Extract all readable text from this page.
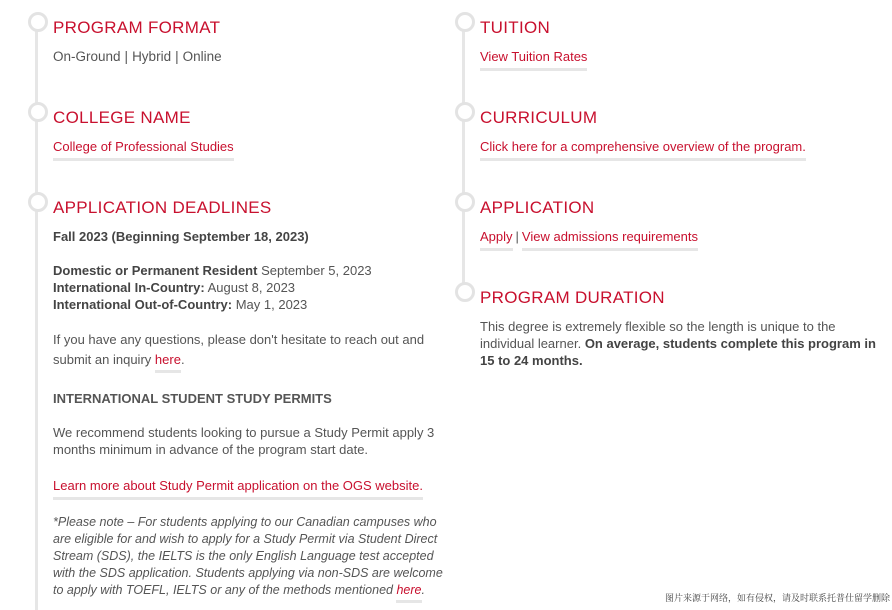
PROGRAM FORMAT
On-Ground | Hybrid | Online
COLLEGE NAME
College of Professional Studies
APPLICATION DEADLINES
Fall 2023 (Beginning September 18, 2023)
Domestic or Permanent Resident September 5, 2023
International In-Country: August 8, 2023
International Out-of-Country: May 1, 2023
If you have any questions, please don't hesitate to reach out and submit an inquiry here.
INTERNATIONAL STUDENT STUDY PERMITS
We recommend students looking to pursue a Study Permit apply 3 months minimum in advance of the program start date.
Learn more about Study Permit application on the OGS website.
*Please note – For students applying to our Canadian campuses who are eligible for and wish to apply for a Study Permit via Student Direct Stream (SDS), the IELTS is the only English Language test accepted with the SDS application. Students applying via non-SDS are welcome to apply with TOEFL, IELTS or any of the methods mentioned here.
TUITION
View Tuition Rates
CURRICULUM
Click here for a comprehensive overview of the program.
APPLICATION
Apply | View admissions requirements
PROGRAM DURATION
This degree is extremely flexible so the length is unique to the individual learner. On average, students complete this program in 15 to 24 months.
图片来源于网络，如有侵权，请及时联系托普仕留学删除
